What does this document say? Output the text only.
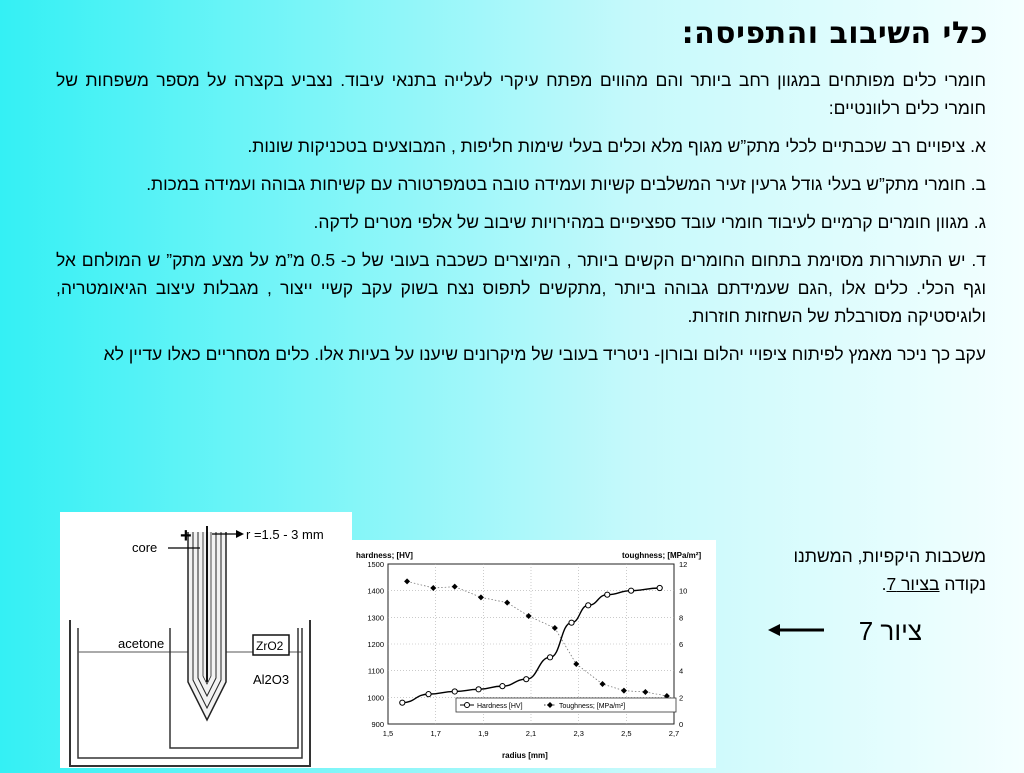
כלי השיבוב והתפיסה:

חומרי כלים מפותחים במגוון רחב ביותר והם מהווים מפתח עיקרי לעלייה בתנאי עיבוד. נצביע בקצרה על מספר משפחות של חומרי כלים רלוונטיים:

א. ציפויים רב שכבתיים לכלי מתק”ש מגוף מלא וכלים בעלי שימות חליפות , המבוצעים בטכניקות שונות.

ב. חומרי מתק”ש בעלי גודל גרעין זעיר המשלבים קשיות ועמידה טובה בטמפרטורה עם קשיחות גבוהה ועמידה במכות.

ג. מגוון חומרים קרמיים לעיבוד חומרי עובד ספציפיים במהירויות שיבוב של אלפי מטרים לדקה.

ד. יש התעוררות מסוימת בתחום החומרים הקשים ביותר , המיוצרים כשכבה בעובי של כ- 0.5 מ”מ על מצע מתק” ש המולחם אל וגף הכלי. כלים אלו ,הגם שעמידתם גבוהה ביותר ,מתקשים לתפוס נצח בשוק עקב קשיי ייצור , מגבלות עיצוב הגיאומטריה, ולוגיסטיקה מסורבלת של השחזות חוזרות.

עקב כך ניכר מאמץ לפיתוח ציפויי יהלום ובורון- ניטריד בעובי של מיקרונים שיענו על בעיות אלו. כלים מסחריים כאלו עדיין לא
משכבות היקפיות, המשתנו
נקודה בציור 7.
core
+	r =1.5 - 3 mm
acetone	ZrO2
Al2O3
hardness; [HV]	toughness; [MPa/m²]
radius [mm]
1,5	1,7	1,9	2,1	2,3	2,5	2,7
900
1000
1100
1200
1300
1400
1500
0
2
4
6
8
10
12
Hardness [HV]	Toughness; [MPa/m²]
ציור 7
